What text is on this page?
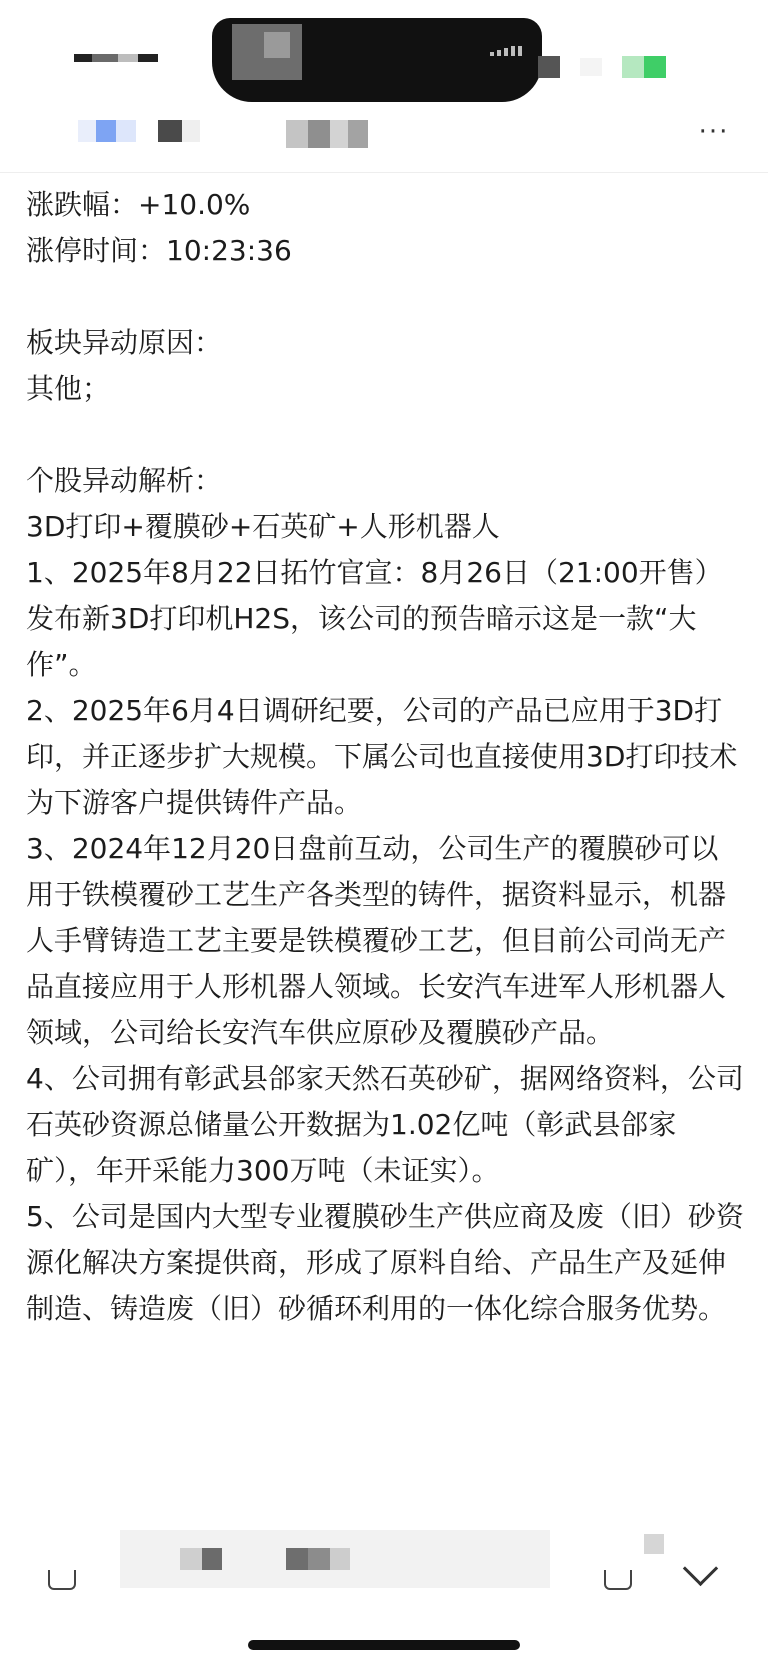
···

涨跌幅：+10.0%

涨停时间：10:23:36

板块异动原因：

其他；

个股异动解析：

3D打印+覆膜砂+石英矿+人形机器人

1、2025年8月22日拓竹官宣：8月26日（21:00开售）发布新3D打印机H2S，该公司的预告暗示这是一款“大作”。

2、2025年6月4日调研纪要，公司的产品已应用于3D打印，并正逐步扩大规模。下属公司也直接使用3D打印技术为下游客户提供铸件产品。

3、2024年12月20日盘前互动，公司生产的覆膜砂可以用于铁模覆砂工艺生产各类型的铸件，据资料显示，机器人手臂铸造工艺主要是铁模覆砂工艺，但目前公司尚无产品直接应用于人形机器人领域。长安汽车进军人形机器人领域，公司给长安汽车供应原砂及覆膜砂产品。

4、公司拥有彰武县郃家天然石英砂矿，据网络资料，公司石英砂资源总储量公开数据为1.02亿吨（彰武县郃家矿），年开采能力300万吨（未证实）。

5、公司是国内大型专业覆膜砂生产供应商及废（旧）砂资源化解决方案提供商，形成了原料自给、产品生产及延伸制造、铸造废（旧）砂循环利用的一体化综合服务优势。
